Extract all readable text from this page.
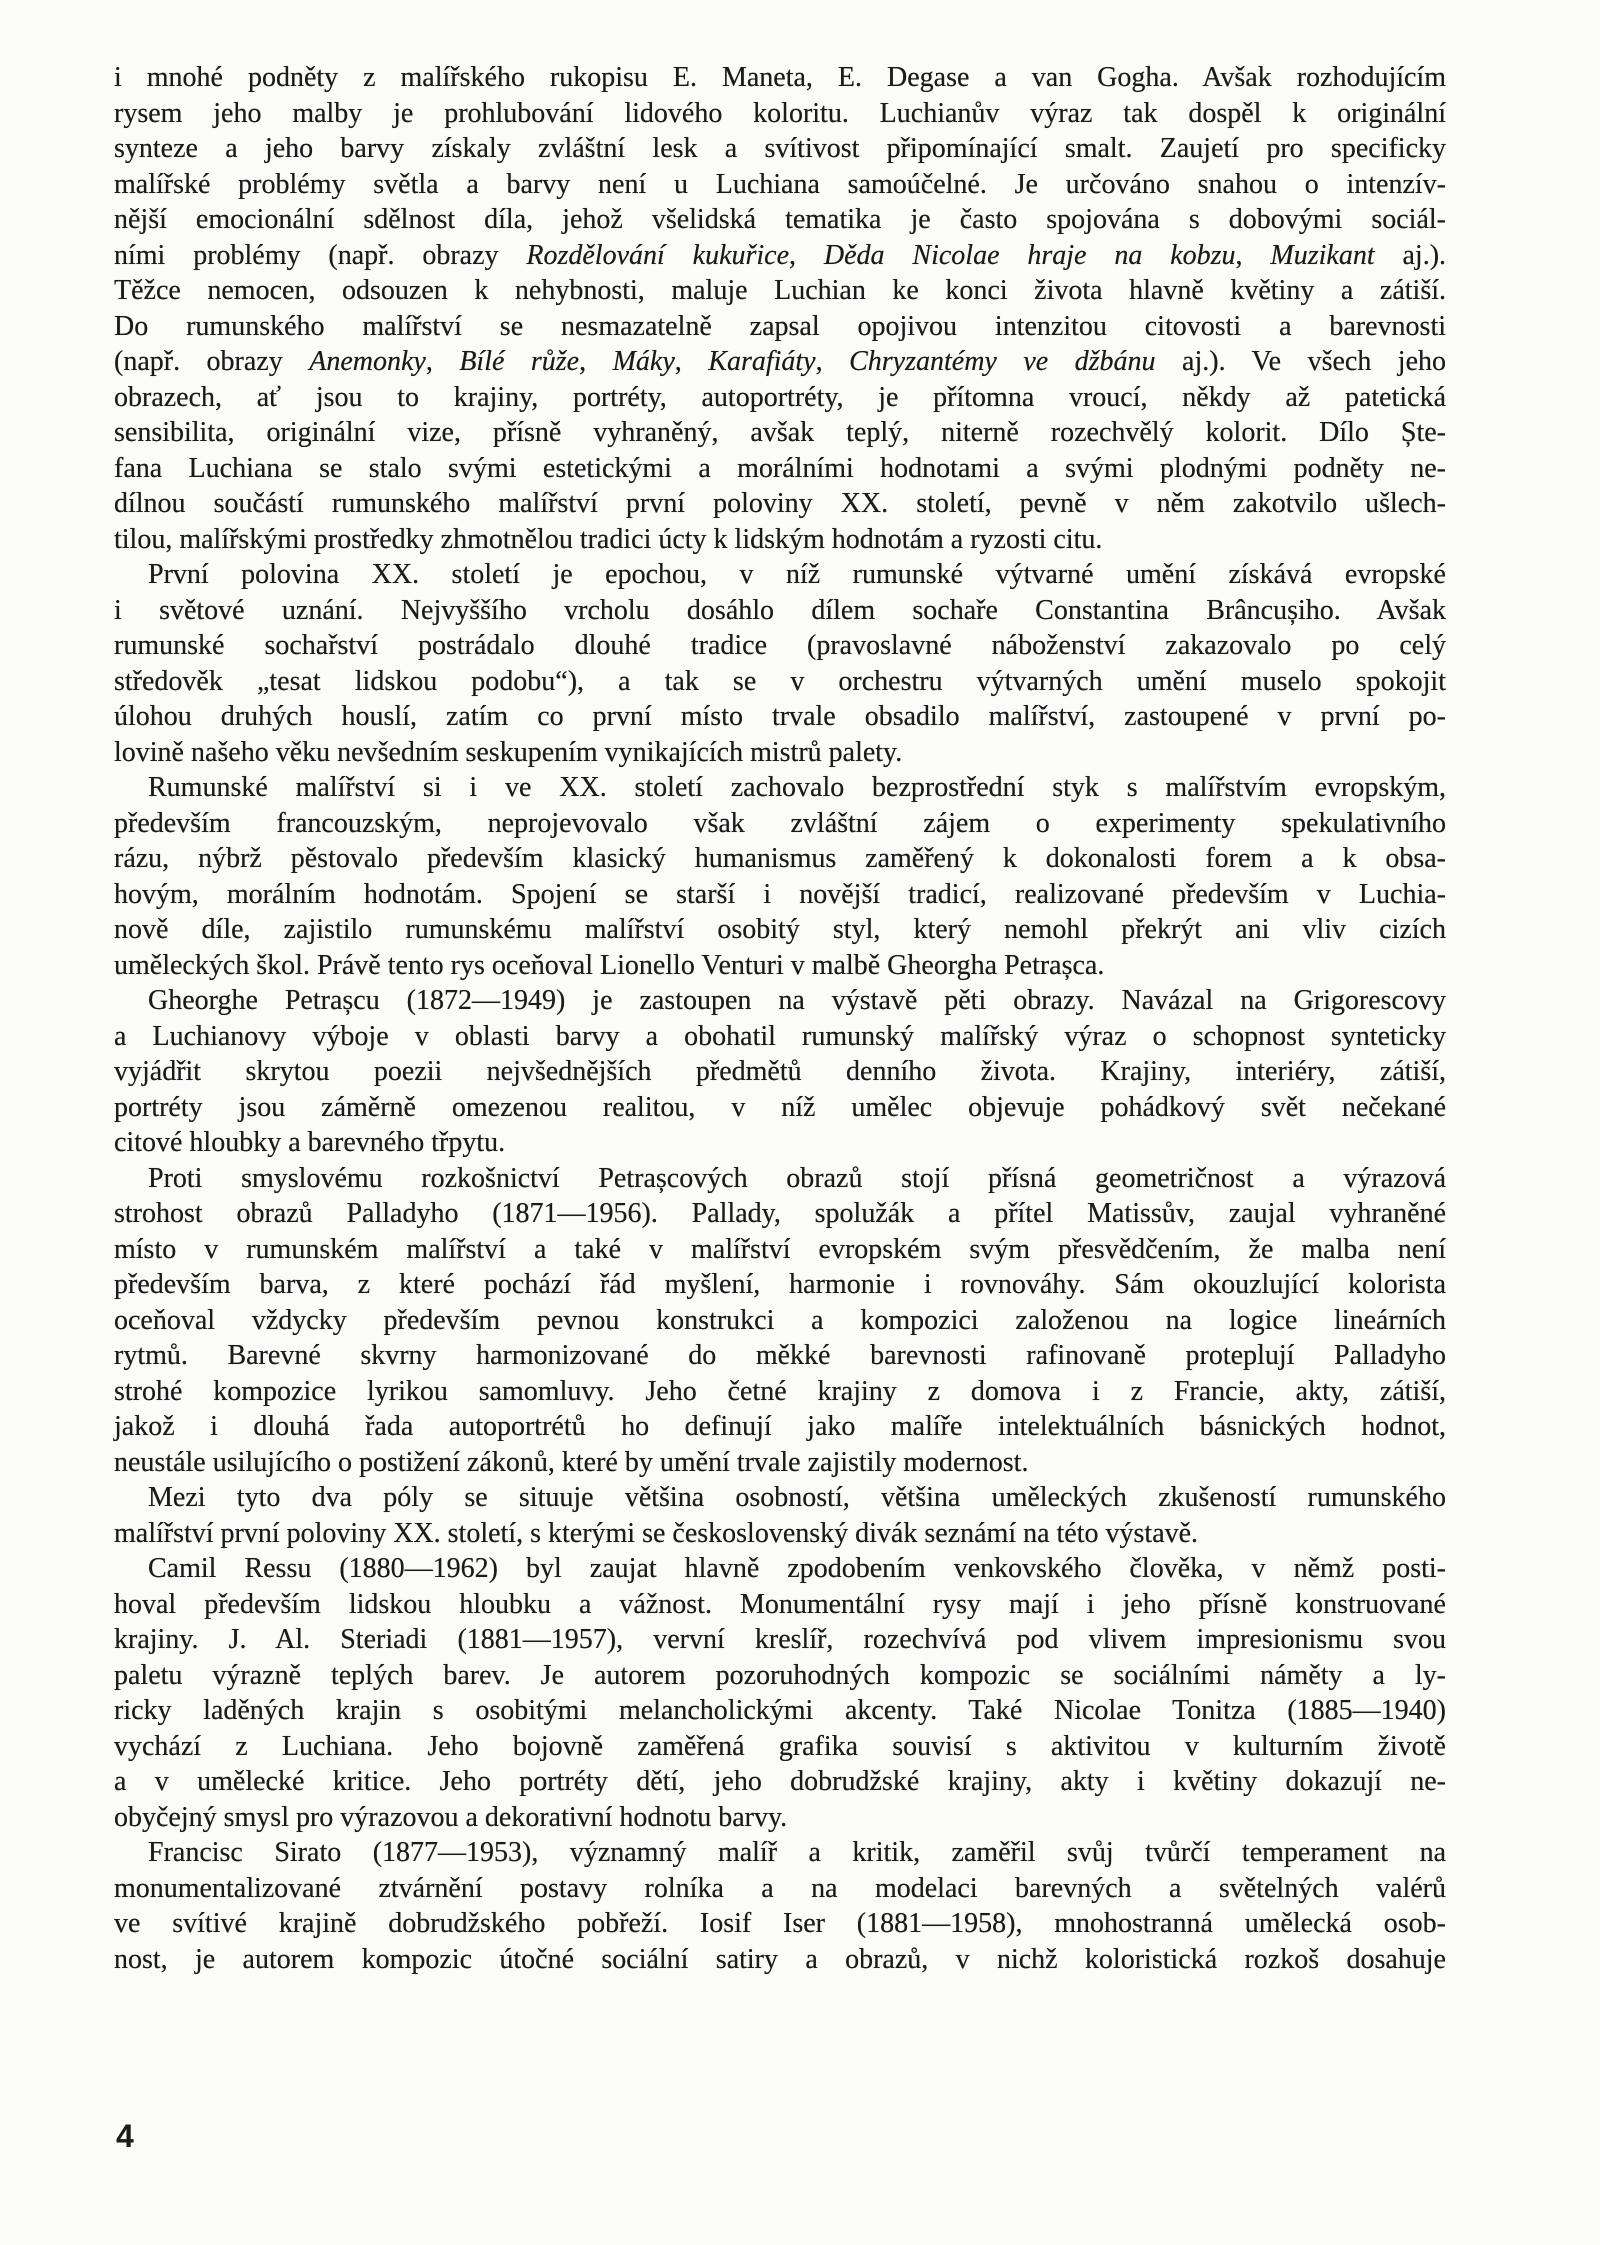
i mnohé podněty z malířského rukopisu E. Maneta, E. Degase a van Gogha. Avšak rozhodujícím
rysem jeho malby je prohlubování lidového koloritu. Luchianův výraz tak dospěl k originální
synteze a jeho barvy získaly zvláštní lesk a svítivost připomínající smalt. Zaujetí pro specificky
malířské problémy světla a barvy není u Luchiana samoúčelné. Je určováno snahou o intenzív-
nější emocionální sdělnost díla, jehož všelidská tematika je často spojována s dobovými sociál-
ními problémy (např. obrazy Rozdělování kukuřice, Děda Nicolae hraje na kobzu, Muzikant aj.).
Těžce nemocen, odsouzen k nehybnosti, maluje Luchian ke konci života hlavně květiny a zátiší.
Do rumunského malířství se nesmazatelně zapsal opojivou intenzitou citovosti a barevnosti
(např. obrazy Anemonky, Bílé růže, Máky, Karafiáty, Chryzantémy ve džbánu aj.). Ve všech jeho
obrazech, ať jsou to krajiny, portréty, autoportréty, je přítomna vroucí, někdy až patetická
sensibilita, originální vize, přísně vyhraněný, avšak teplý, niterně rozechvělý kolorit. Dílo Ște-
fana Luchiana se stalo svými estetickými a morálními hodnotami a svými plodnými podněty ne-
dílnou součástí rumunského malířství první poloviny XX. století, pevně v něm zakotvilo ušlech-
tilou, malířskými prostředky zhmotnělou tradici úcty k lidským hodnotám a ryzosti citu.
První polovina XX. století je epochou, v níž rumunské výtvarné umění získává evropské
i světové uznání. Nejvyššího vrcholu dosáhlo dílem sochaře Constantina Brâncușiho. Avšak
rumunské sochařství postrádalo dlouhé tradice (pravoslavné náboženství zakazovalo po celý
středověk „tesat lidskou podobu“), a tak se v orchestru výtvarných umění muselo spokojit
úlohou druhých houslí, zatím co první místo trvale obsadilo malířství, zastoupené v první po-
lovině našeho věku nevšedním seskupením vynikajících mistrů palety.
Rumunské malířství si i ve XX. století zachovalo bezprostřední styk s malířstvím evropským,
především francouzským, neprojevovalo však zvláštní zájem o experimenty spekulativního
rázu, nýbrž pěstovalo především klasický humanismus zaměřený k dokonalosti forem a k obsa-
hovým, morálním hodnotám. Spojení se starší i novější tradicí, realizované především v Luchia-
nově díle, zajistilo rumunskému malířství osobitý styl, který nemohl překrýt ani vliv cizích
uměleckých škol. Právě tento rys oceňoval Lionello Venturi v malbě Gheorgha Petrașca.
Gheorghe Petrașcu (1872—1949) je zastoupen na výstavě pěti obrazy. Navázal na Grigorescovy
a Luchianovy výboje v oblasti barvy a obohatil rumunský malířský výraz o schopnost synteticky
vyjádřit skrytou poezii nejvšednějších předmětů denního života. Krajiny, interiéry, zátiší,
portréty jsou záměrně omezenou realitou, v níž umělec objevuje pohádkový svět nečekané
citové hloubky a barevného třpytu.
Proti smyslovému rozkošnictví Petrașcových obrazů stojí přísná geometričnost a výrazová
strohost obrazů Palladyho (1871—1956). Pallady, spolužák a přítel Matissův, zaujal vyhraněné
místo v rumunském malířství a také v malířství evropském svým přesvědčením, že malba není
především barva, z které pochází řád myšlení, harmonie i rovnováhy. Sám okouzlující kolorista
oceňoval vždycky především pevnou konstrukci a kompozici založenou na logice lineárních
rytmů. Barevné skvrny harmonizované do měkké barevnosti rafinovaně proteplují Palladyho
strohé kompozice lyrikou samomluvy. Jeho četné krajiny z domova i z Francie, akty, zátiší,
jakož i dlouhá řada autoportrétů ho definují jako malíře intelektuálních básnických hodnot,
neustále usilujícího o postižení zákonů, které by umění trvale zajistily modernost.
Mezi tyto dva póly se situuje většina osobností, většina uměleckých zkušeností rumunského
malířství první poloviny XX. století, s kterými se československý divák seznámí na této výstavě.
Camil Ressu (1880—1962) byl zaujat hlavně zpodobením venkovského člověka, v němž posti-
hoval především lidskou hloubku a vážnost. Monumentální rysy mají i jeho přísně konstruované
krajiny. J. Al. Steriadi (1881—1957), vervní kreslíř, rozechvívá pod vlivem impresionismu svou
paletu výrazně teplých barev. Je autorem pozoruhodných kompozic se sociálními náměty a ly-
ricky laděných krajin s osobitými melancholickými akcenty. Také Nicolae Tonitza (1885—1940)
vychází z Luchiana. Jeho bojovně zaměřená grafika souvisí s aktivitou v kulturním životě
a v umělecké kritice. Jeho portréty dětí, jeho dobrudžské krajiny, akty i květiny dokazují ne-
obyčejný smysl pro výrazovou a dekorativní hodnotu barvy.
Francisc Sirato (1877—1953), významný malíř a kritik, zaměřil svůj tvůrčí temperament na
monumentalizované ztvárnění postavy rolníka a na modelaci barevných a světelných valérů
ve svítivé krajině dobrudžského pobřeží. Iosif Iser (1881—1958), mnohostranná umělecká osob-
nost, je autorem kompozic útočné sociální satiry a obrazů, v nichž koloristická rozkoš dosahuje
4
